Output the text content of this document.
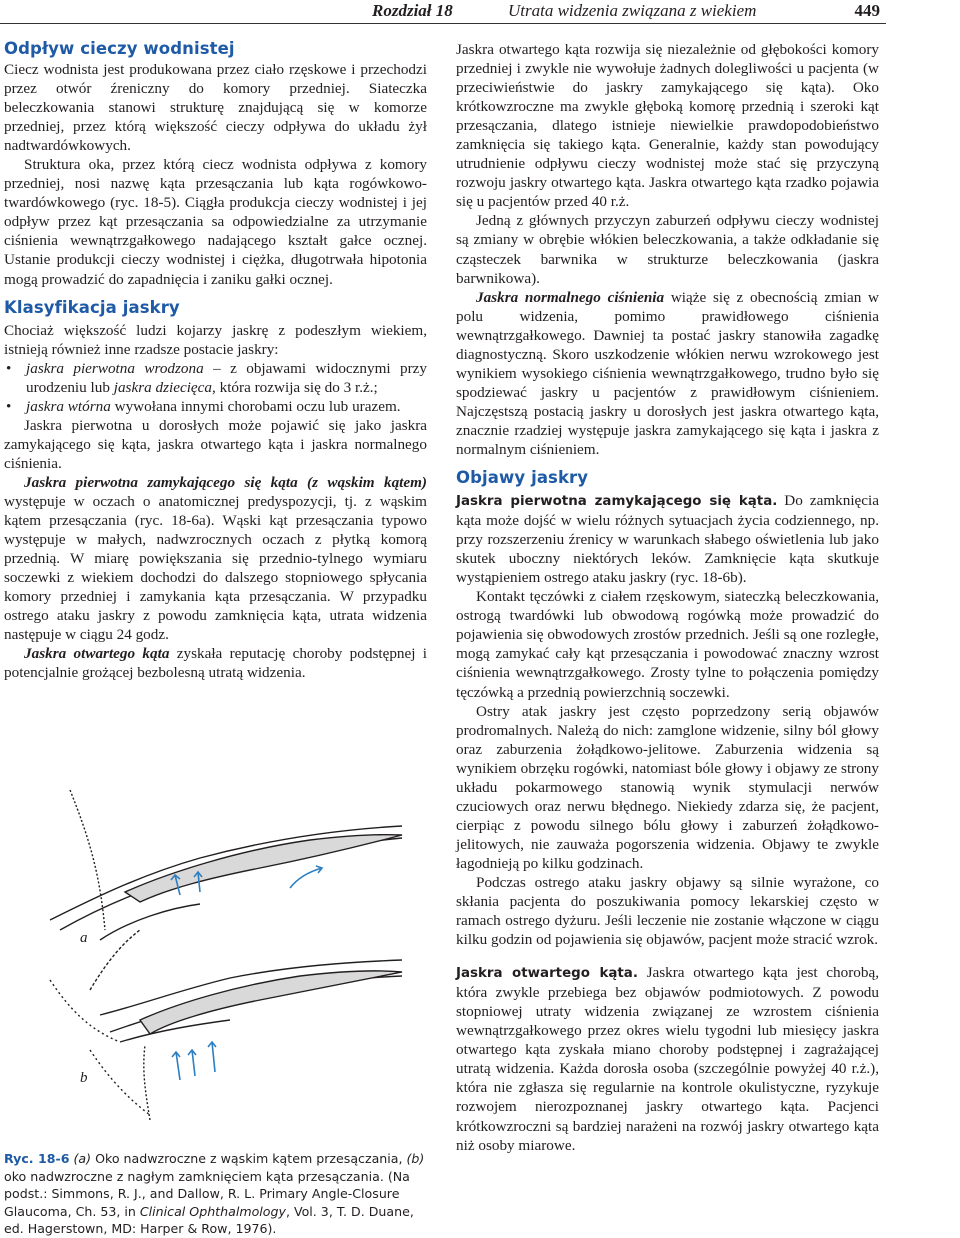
Rozdział 18	Utrata widzenia związana z wiekiem	449
Odpływ cieczy wodnistej

Ciecz wodnista jest produkowana przez ciało rzęskowe i przechodzi przez otwór źreniczny do komory przedniej. Siateczka beleczkowania stanowi strukturę znajdującą się w komorze przedniej, przez którą większość cieczy odpływa do układu żył nadtwardówkowych.

Struktura oka, przez którą ciecz wodnista odpływa z komory przedniej, nosi nazwę kąta przesączania lub kąta rogówkowo-twardówkowego (ryc. 18-5). Ciągła produkcja cieczy wodnistej i jej odpływ przez kąt przesączania sa odpowiedzialne za utrzymanie ciśnienia wewnątrzgałkowego nadającego kształt gałce ocznej. Ustanie produkcji cieczy wodnistej i ciężka, długotrwała hipotonia mogą prowadzić do zapadnięcia i zaniku gałki ocznej.

Klasyfikacja jaskry

Chociaż większość ludzi kojarzy jaskrę z podeszłym wiekiem, istnieją również inne rzadsze postacie jaskry:

• jaskra pierwotna wrodzona – z objawami widocznymi przy urodzeniu lub jaskra dziecięca, która rozwija się do 3 r.ż.;
• jaskra wtórna wywołana innymi chorobami oczu lub urazem.

Jaskra pierwotna u dorosłych może pojawić się jako jaskra zamykającego się kąta, jaskra otwartego kąta i jaskra normalnego ciśnienia.

Jaskra pierwotna zamykającego się kąta (z wąskim kątem) występuje w oczach o anatomicznej predyspozycji, tj. z wąskim kątem przesączania (ryc. 18-6a). Wąski kąt przesączania typowo występuje w małych, nadwzrocznych oczach z płytką komorą przednią. W miarę powiększania się przednio-tylnego wymiaru soczewki z wiekiem dochodzi do dalszego stopniowego spłycania komory przedniej i zamykania kąta przesączania. W przypadku ostrego ataku jaskry z powodu zamknięcia kąta, utrata widzenia następuje w ciągu 24 godz.

Jaskra otwartego kąta zyskała reputację choroby podstępnej i potencjalnie grożącej bezbolesną utratą widzenia.

a
b
Ryc. 18-6 (a) Oko nadwzroczne z wąskim kątem przesączania, (b) oko nadwzroczne z nagłym zamknięciem kąta przesączania. (Na podst.: Simmons, R. J., and Dallow, R. L. Primary Angle-Closure Glaucoma, Ch. 53, in Clinical Ophthalmology, Vol. 3, T. D. Duane, ed. Hagerstown, MD: Harper & Row, 1976).

Jaskra otwartego kąta rozwija się niezależnie od głębokości komory przedniej i zwykle nie wywołuje żadnych dolegliwości u pacjenta (w przeciwieństwie do jaskry zamykającego się kąta). Oko krótkowzroczne ma zwykle głęboką komorę przednią i szeroki kąt przesączania, dlatego istnieje niewielkie prawdopodobieństwo zamknięcia się takiego kąta. Generalnie, każdy stan powodujący utrudnienie odpływu cieczy wodnistej może stać się przyczyną rozwoju jaskry otwartego kąta. Jaskra otwartego kąta rzadko pojawia się u pacjentów przed 40 r.ż.

Jedną z głównych przyczyn zaburzeń odpływu cieczy wodnistej są zmiany w obrębie włókien beleczkowania, a także odkładanie się cząsteczek barwnika w strukturze beleczkowania (jaskra barwnikowa).

Jaskra normalnego ciśnienia wiąże się z obecnością zmian w polu widzenia, pomimo prawidłowego ciśnienia wewnątrzgałkowego. Dawniej ta postać jaskry stanowiła zagadkę diagnostyczną. Skoro uszkodzenie włókien nerwu wzrokowego jest wynikiem wysokiego ciśnienia wewnątrzgałkowego, trudno było się spodziewać jaskry u pacjentów z prawidłowym ciśnieniem. Najczęstszą postacią jaskry u dorosłych jest jaskra otwartego kąta, znacznie rzadziej występuje jaskra zamykającego się kąta i jaskra z normalnym ciśnieniem.

Objawy jaskry

Jaskra pierwotna zamykającego się kąta. Do zamknięcia kąta może dojść w wielu różnych sytuacjach życia codziennego, np. przy rozszerzeniu źrenicy w warunkach słabego oświetlenia lub jako skutek uboczny niektórych leków. Zamknięcie kąta skutkuje wystąpieniem ostrego ataku jaskry (ryc. 18-6b).

Kontakt tęczówki z ciałem rzęskowym, siateczką beleczkowania, ostrogą twardówki lub obwodową rogówką może prowadzić do pojawienia się obwodowych zrostów przednich. Jeśli są one rozległe, mogą zamykać cały kąt przesączania i powodować znaczny wzrost ciśnienia wewnątrzgałkowego. Zrosty tylne to połączenia pomiędzy tęczówką a przednią powierzchnią soczewki.

Ostry atak jaskry jest często poprzedzony serią objawów prodromalnych. Należą do nich: zamglone widzenie, silny ból głowy oraz zaburzenia żołądkowo-jelitowe. Zaburzenia widzenia są wynikiem obrzęku rogówki, natomiast bóle głowy i objawy ze strony układu pokarmowego stanowią wynik stymulacji nerwów czuciowych oraz nerwu błędnego. Niekiedy zdarza się, że pacjent, cierpiąc z powodu silnego bólu głowy i zaburzeń żołądkowo-jelitowych, nie zauważa pogorszenia widzenia. Objawy te zwykle łagodnieją po kilku godzinach.

Podczas ostrego ataku jaskry objawy są silnie wyrażone, co skłania pacjenta do poszukiwania pomocy lekarskiej często w ramach ostrego dyżuru. Jeśli leczenie nie zostanie włączone w ciągu kilku godzin od pojawienia się objawów, pacjent może stracić wzrok.

Jaskra otwartego kąta. Jaskra otwartego kąta jest chorobą, która zwykle przebiega bez objawów podmiotowych. Z powodu stopniowej utraty widzenia związanej ze wzrostem ciśnienia wewnątrzgałkowego przez okres wielu tygodni lub miesięcy jaskra otwartego kąta zyskała miano choroby podstępnej i zagrażającej utratą widzenia. Każda dorosła osoba (szczególnie powyżej 40 r.ż.), która nie zgłasza się regularnie na kontrole okulistyczne, ryzykuje rozwojem nierozpoznanej jaskry otwartego kąta. Pacjenci krótkowzroczni są bardziej narażeni na rozwój jaskry otwartego kąta niż osoby miarowe.
